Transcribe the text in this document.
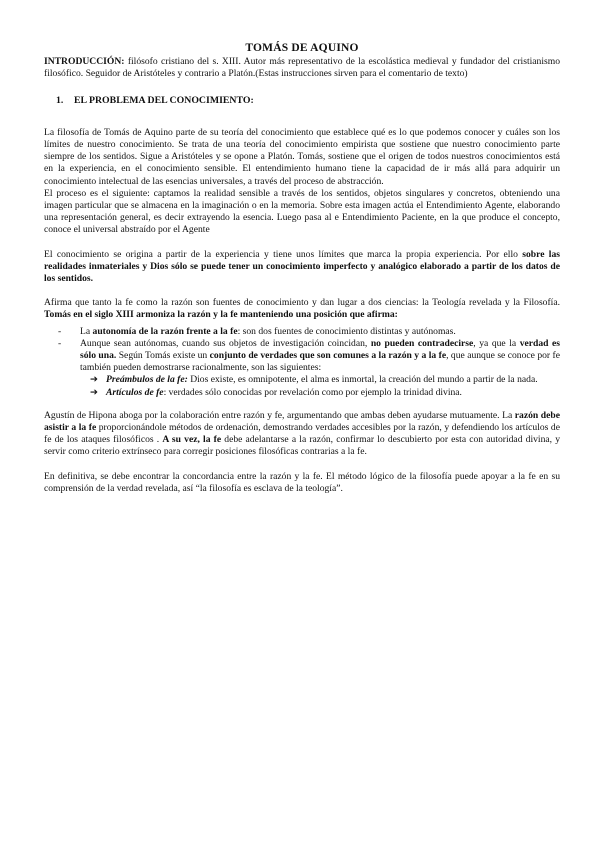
TOMÁS DE AQUINO

INTRODUCCIÓN: filósofo cristiano del s. XIII. Autor más representativo de la escolástica medieval y fundador del cristianismo filosófico. Seguidor de Aristóteles y contrario a Platón.(Estas instrucciones sirven para el comentario de texto)

1. EL PROBLEMA DEL CONOCIMIENTO:

La filosofía de Tomás de Aquino parte de su teoría del conocimiento que establece qué es lo que podemos conocer y cuáles son los límites de nuestro conocimiento. Se trata de una teoría del conocimiento empirista que sostiene que nuestro conocimiento parte siempre de los sentidos. Sigue a Aristóteles y se opone a Platón. Tomás, sostiene que el origen de todos nuestros conocimientos está en la experiencia, en el conocimiento sensible. El entendimiento humano tiene la capacidad de ir más allá para adquirir un conocimiento intelectual de las esencias universales, a través del proceso de abstracción.

El proceso es el siguiente: captamos la realidad sensible a través de los sentidos, objetos singulares y concretos, obteniendo una imagen particular que se almacena en la imaginación o en la memoria. Sobre esta imagen actúa el Entendimiento Agente, elaborando una representación general, es decir extrayendo la esencia. Luego pasa al e Entendimiento Paciente, en la que produce el concepto, conoce el universal abstraído por el Agente

El conocimiento se origina a partir de la experiencia y tiene unos límites que marca la propia experiencia. Por ello sobre las realidades inmateriales y Dios sólo se puede tener un conocimiento imperfecto y analógico elaborado a partir de los datos de los sentidos.

Afirma que tanto la fe como la razón son fuentes de conocimiento y dan lugar a dos ciencias: la Teología revelada y la Filosofía. Tomás en el siglo XIII armoniza la razón y la fe manteniendo una posición que afirma:

- La autonomía de la razón frente a la fe: son dos fuentes de conocimiento distintas y autónomas.
- Aunque sean autónomas, cuando sus objetos de investigación coincidan, no pueden contradecirse, ya que la verdad es sólo una. Según Tomás existe un conjunto de verdades que son comunes a la razón y a la fe, que aunque se conoce por fe también pueden demostrarse racionalmente, son las siguientes:
➔ Preámbulos de la fe: Dios existe, es omnipotente, el alma es inmortal, la creación del mundo a partir de la nada.
➔ Artículos de fe: verdades sólo conocidas por revelación como por ejemplo la trinidad divina.

Agustín de Hipona aboga por la colaboración entre razón y fe, argumentando que ambas deben ayudarse mutuamente. La razón debe asistir a la fe proporcionándole métodos de ordenación, demostrando verdades accesibles por la razón, y defendiendo los artículos de fe de los ataques filosóficos . A su vez, la fe debe adelantarse a la razón, confirmar lo descubierto por esta con autoridad divina, y servir como criterio extrínseco para corregir posiciones filosóficas contrarias a la fe.

En definitiva, se debe encontrar la concordancia entre la razón y la fe. El método lógico de la filosofía puede apoyar a la fe en su comprensión de la verdad revelada, así “la filosofía es esclava de la teología”.
